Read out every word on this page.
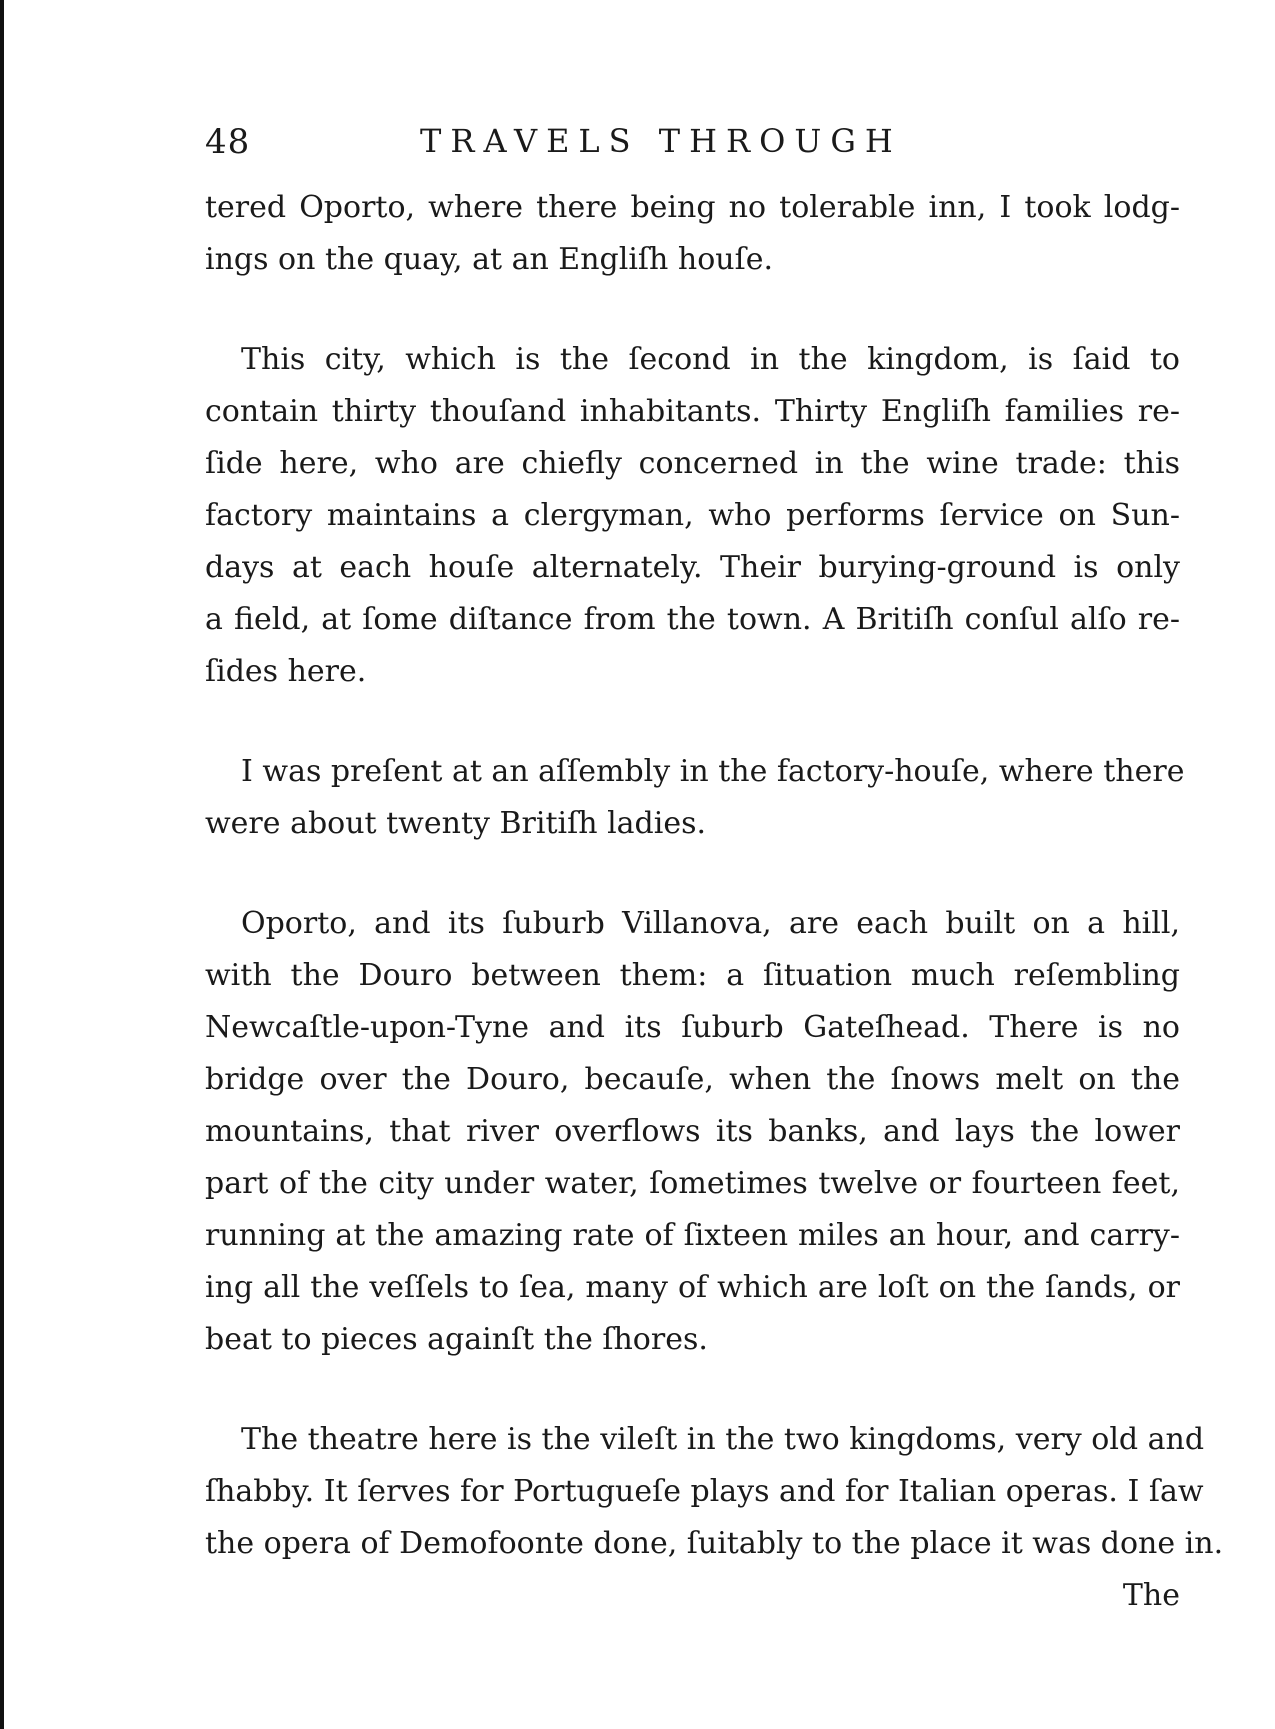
48	TRAVELS THROUGH
tered Oporto, where there being no tolerable inn, I took lodg-
ings on the quay, at an Engliſh houſe.
This city, which is the ſecond in the kingdom, is ſaid to
contain thirty thouſand inhabitants. Thirty Engliſh families re-
ſide here, who are chiefly concerned in the wine trade: this
factory maintains a clergyman, who performs ſervice on Sun-
days at each houſe alternately. Their burying-ground is only
a field, at ſome diſtance from the town. A Britiſh conſul alſo re-
ſides here.
I was preſent at an aſſembly in the factory-houſe, where there
were about twenty Britiſh ladies.
Oporto, and its ſuburb Villanova, are each built on a hill,
with the Douro between them: a ſituation much reſembling
Newcaſtle-upon-Tyne and its ſuburb Gateſhead. There is no
bridge over the Douro, becauſe, when the ſnows melt on the
mountains, that river overflows its banks, and lays the lower
part of the city under water, ſometimes twelve or fourteen feet,
running at the amazing rate of ſixteen miles an hour, and carry-
ing all the veſſels to ſea, many of which are loſt on the ſands, or
beat to pieces againſt the ſhores.
The theatre here is the vileſt in the two kingdoms, very old and
ſhabby. It ſerves for Portugueſe plays and for Italian operas. I ſaw
the opera of Demofoonte done, ſuitably to the place it was done in.
The
